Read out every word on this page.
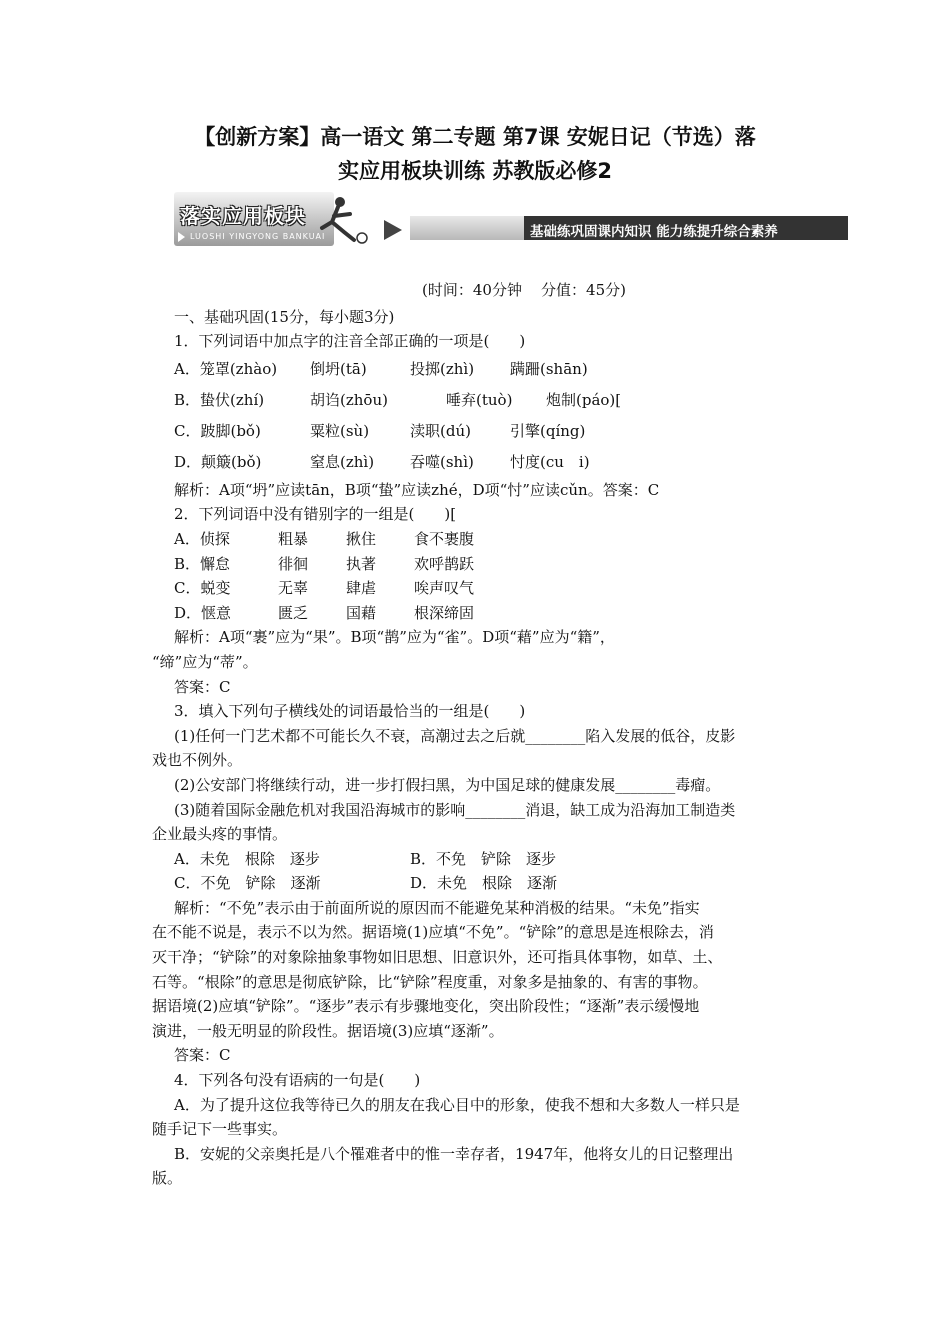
【创新方案】高一语文 第二专题 第7课 安妮日记（节选）落
实应用板块训练 苏教版必修2
落实应用板块
LUOSHI YINGYONG BANKUAI	基础练巩固课内知识 能力练提升综合素养
(时间：40分钟    分值：45分)
一、基础巩固(15分，每小题3分)
1．下列词语中加点字的注音全部正确的一项是(　　)
A．笼罩(zhào) 倒坍(tā)	投掷(zhì) 蹒跚(shān)
B．蛰伏(zhí)	胡诌(zhōu)	唾弃(tuò) 炮制(páo)[
C．跛脚(bǒ)	粟粒(sù)	渎职(dú)	引擎(qíng)
D．颠簸(bǒ)	窒息(zhì) 吞噬(shì) 忖度(cu　i)
解析：A项“坍”应读tān，B项“蛰”应读zhé，D项“忖”应读cǔn。答案：C
2．下列词语中没有错别字的一组是(　　)[
A．侦探	粗暴	揪住	食不裹腹
B．懈怠	徘徊	执著	欢呼鹊跃
C．蜕变	无辜	肆虐	唉声叹气
D．惬意	匮乏	国藉	根深缔固
解析：A项“裹”应为“果”。B项“鹊”应为“雀”。D项“藉”应为“籍”，
“缔”应为“蒂”。
答案：C
3．填入下列句子横线处的词语最恰当的一组是(　　)
(1)任何一门艺术都不可能长久不衰，高潮过去之后就________陷入发展的低谷，皮影
戏也不例外。
(2)公安部门将继续行动，进一步打假扫黑，为中国足球的健康发展________毒瘤。
(3)随着国际金融危机对我国沿海城市的影响________消退，缺工成为沿海加工制造类
企业最头疼的事情。
A．未免　根除　逐步	B．不免　铲除　逐步
C．不免　铲除　逐渐	D．未免　根除　逐渐
解析：“不免”表示由于前面所说的原因而不能避免某种消极的结果。“未免”指实
在不能不说是，表示不以为然。据语境(1)应填“不免”。“铲除”的意思是连根除去，消
灭干净；“铲除”的对象除抽象事物如旧思想、旧意识外，还可指具体事物，如草、土、
石等。“根除”的意思是彻底铲除，比“铲除”程度重，对象多是抽象的、有害的事物。
据语境(2)应填“铲除”。“逐步”表示有步骤地变化，突出阶段性；“逐渐”表示缓慢地
演进，一般无明显的阶段性。据语境(3)应填“逐渐”。
答案：C
4．下列各句没有语病的一句是(　　)
A．为了提升这位我等待已久的朋友在我心目中的形象，使我不想和大多数人一样只是
随手记下一些事实。
B．安妮的父亲奥托是八个罹难者中的惟一幸存者，1947年，他将女儿的日记整理出
版。
